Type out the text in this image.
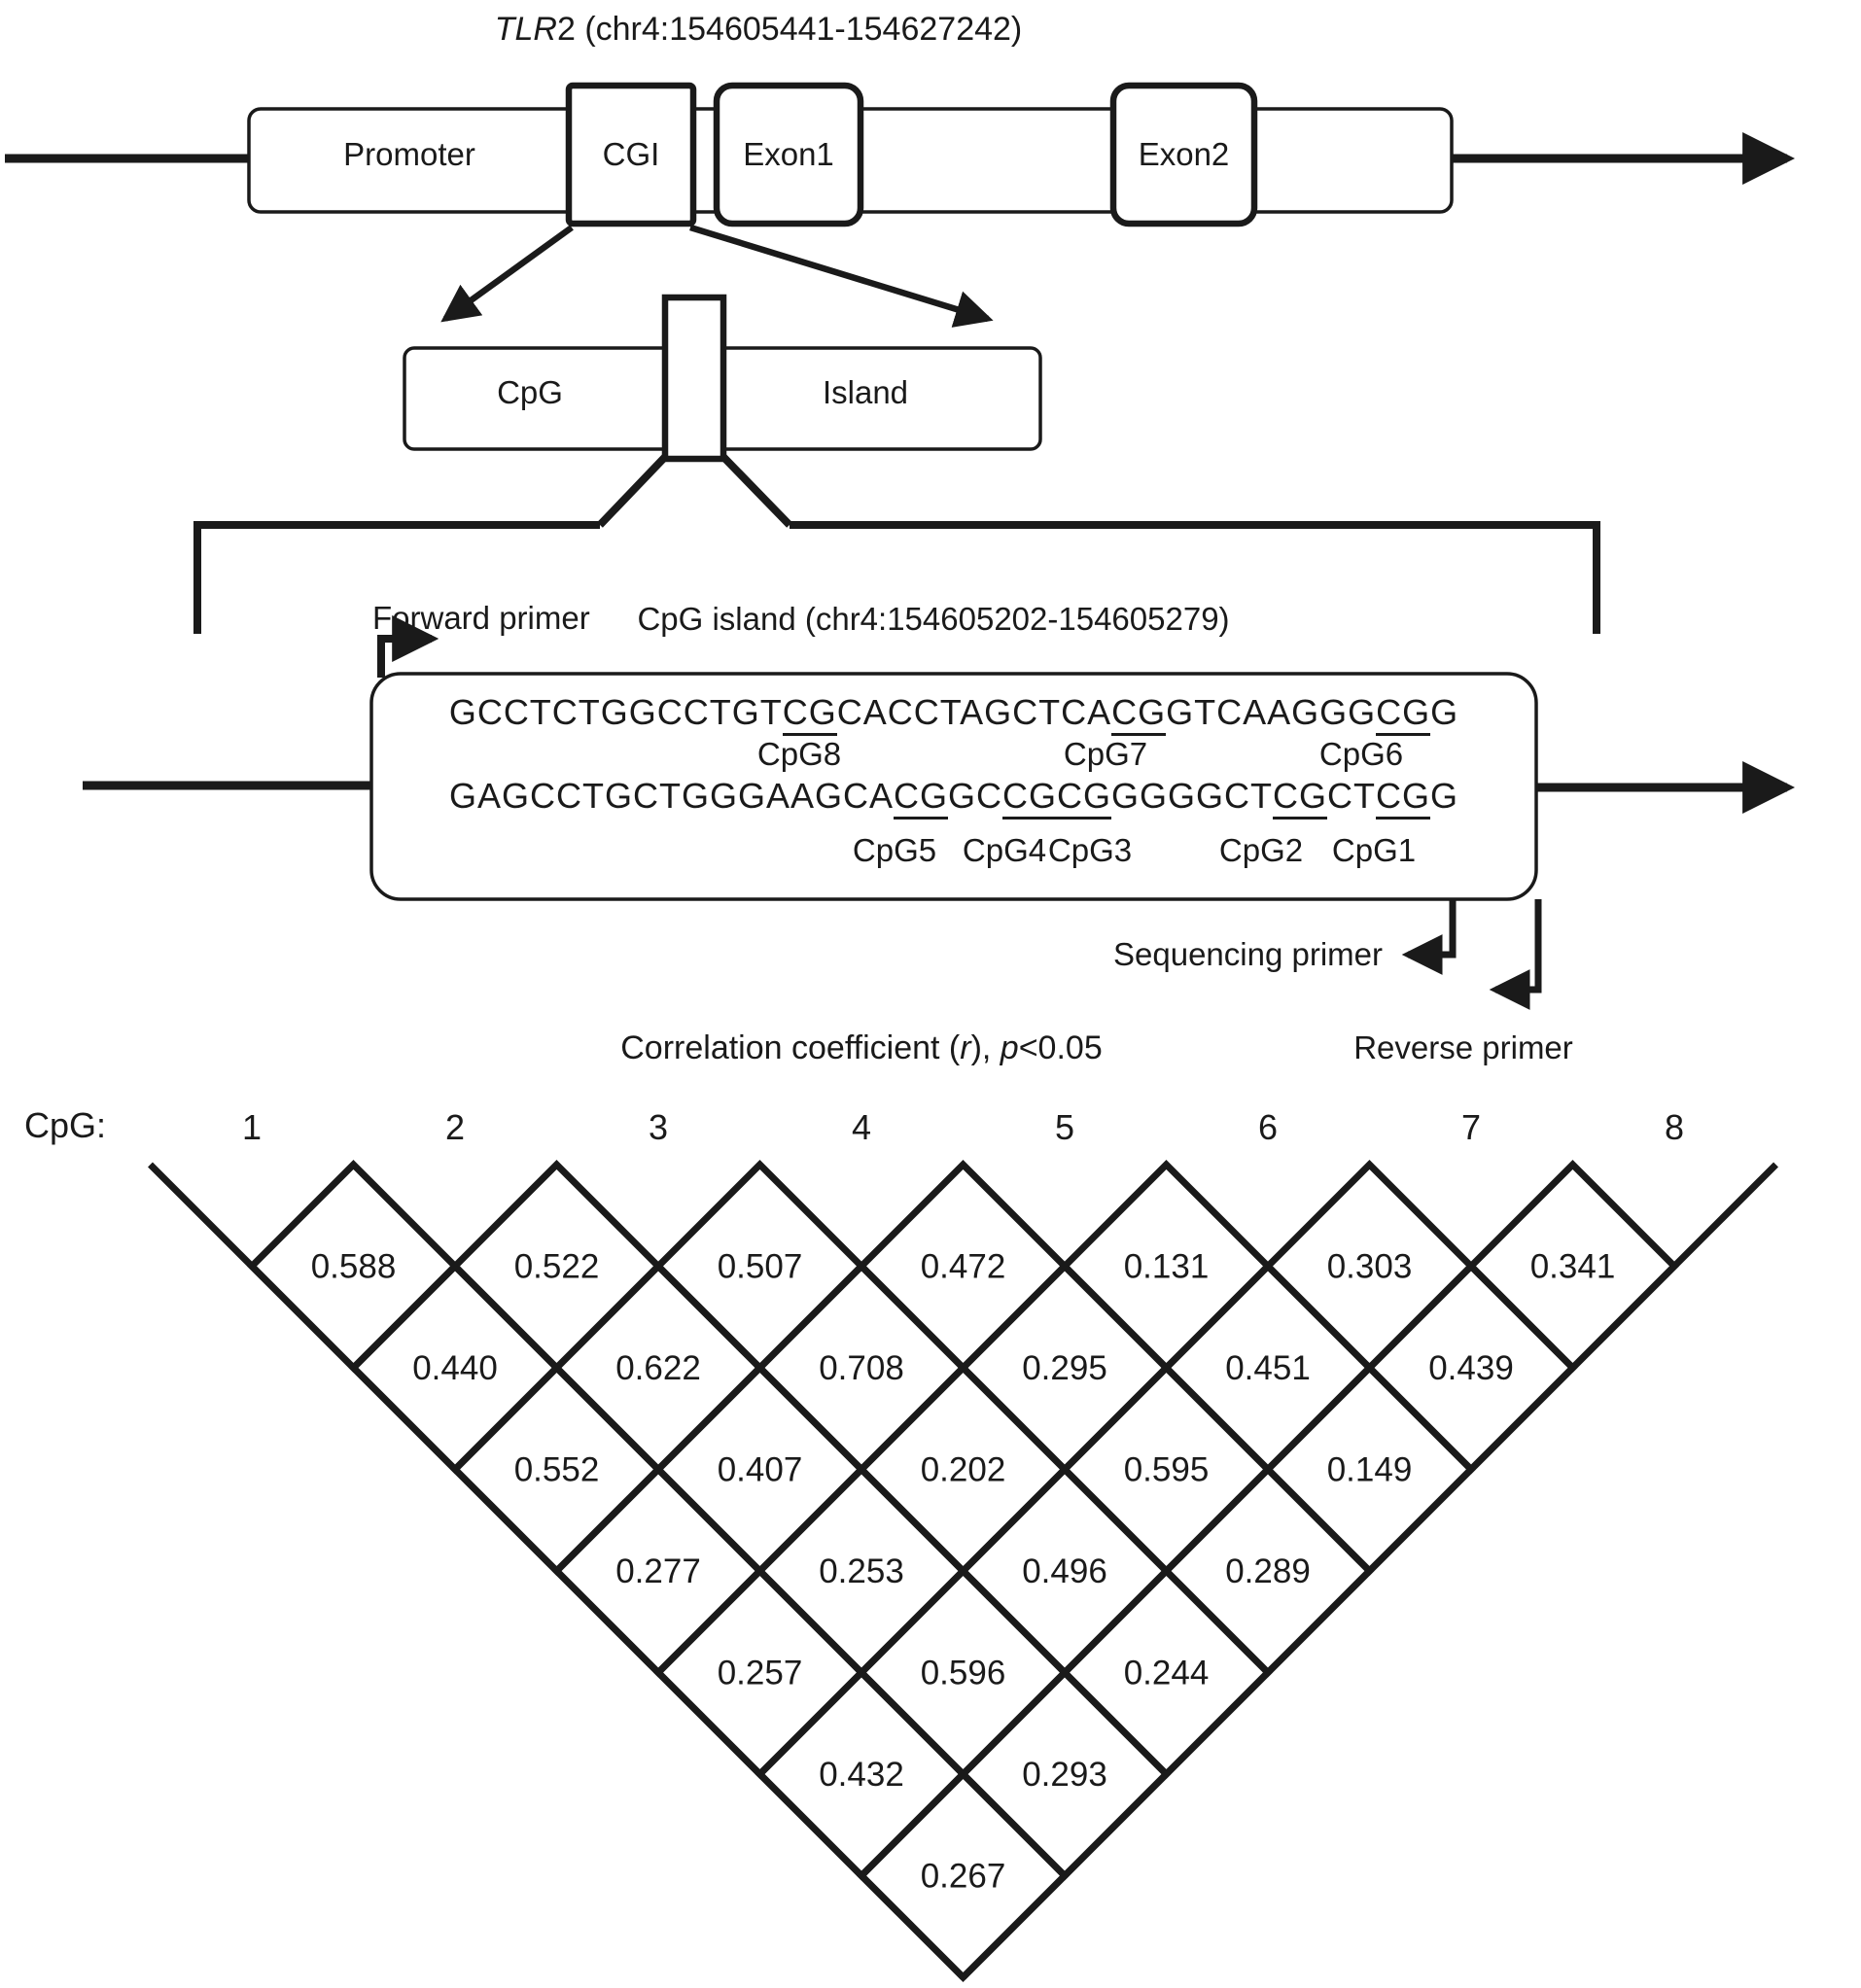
0.588	0.522	0.507	0.472	0.131	0.303	0.341
0.440	0.622	0.708	0.295	0.451	0.439
0.552	0.407	0.202	0.595	0.149
0.277	0.253	0.496	0.289
0.257	0.596	0.244
0.432	0.293
0.267
1	2	3	4	5	6	7	8
TLR2 (chr4:154605441-154627242)
Promoter	CGI	Exon1	Exon2
CpG	Island
Forward primer	CpG island (chr4:154605202-154605279)
GCCTCTGGCCTGTCGCACCTAGCTCACGGTCAAGGGCGG
CpG8	CpG7	CpG6
GAGCCTGCTGGGAAGCACGGCCGCGGGGGCTCGCTCGG
CpG5 CpG4 CpG3	CpG2 CpG1
Sequencing primer
Reverse primer
Correlation coefficient (r), p<0.05
CpG:
